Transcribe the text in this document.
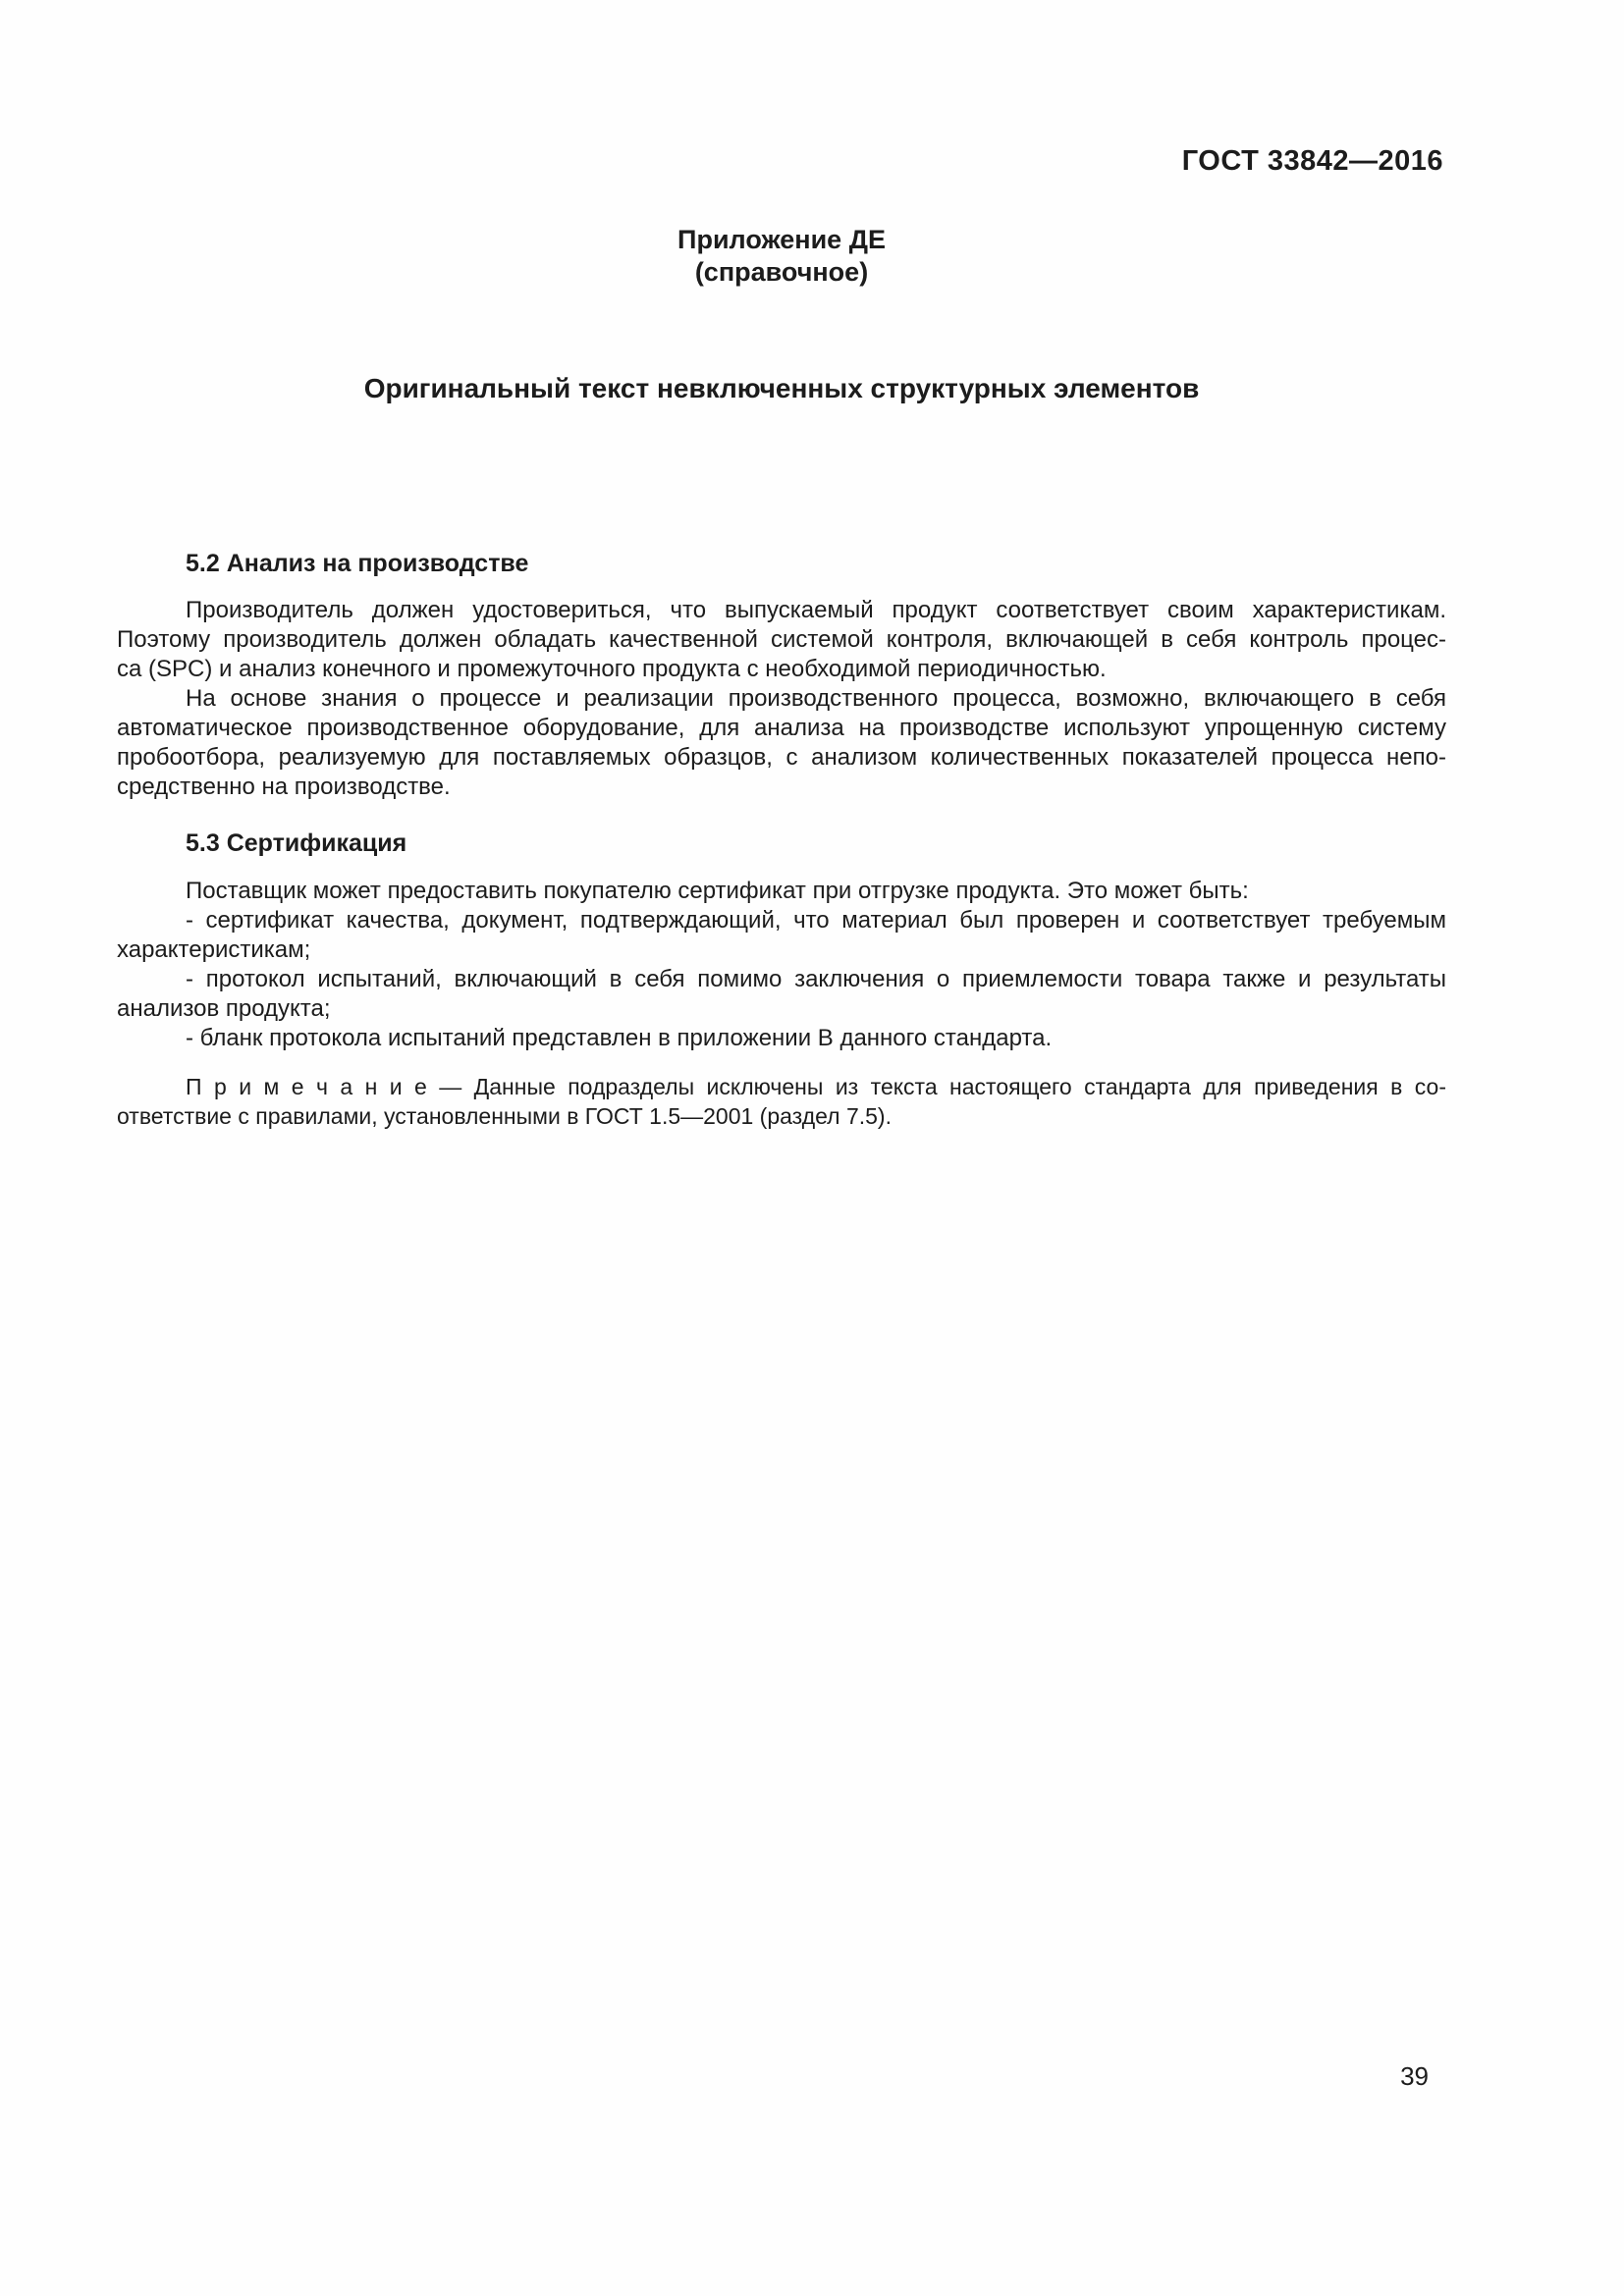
ГОСТ 33842—2016
Приложение ДЕ
(справочное)
Оригинальный текст невключенных структурных элементов
5.2 Анализ на производстве
Производитель должен удостовериться, что выпускаемый продукт соответствует своим характеристикам.
Поэтому производитель должен обладать качественной системой контроля, включающей в себя контроль процес-
са (SPC) и анализ конечного и промежуточного продукта с необходимой периодичностью.
На основе знания о процессе и реализации производственного процесса, возможно, включающего в себя
автоматическое производственное оборудование, для анализа на производстве используют упрощенную систему
пробоотбора, реализуемую для поставляемых образцов, с анализом количественных показателей процесса непо-
средственно на производстве.
5.3 Сертификация
Поставщик может предоставить покупателю сертификат при отгрузке продукта. Это может быть:
- сертификат качества, документ, подтверждающий, что материал был проверен и соответствует требуемым
характеристикам;
- протокол испытаний, включающий в себя помимо заключения о приемлемости товара также и результаты
анализов продукта;
- бланк протокола испытаний представлен в приложении В данного стандарта.
П р и м е ч а н и е — Данные подразделы исключены из текста настоящего стандарта для приведения в со-
ответствие с правилами, установленными в ГОСТ 1.5—2001 (раздел 7.5).
39
